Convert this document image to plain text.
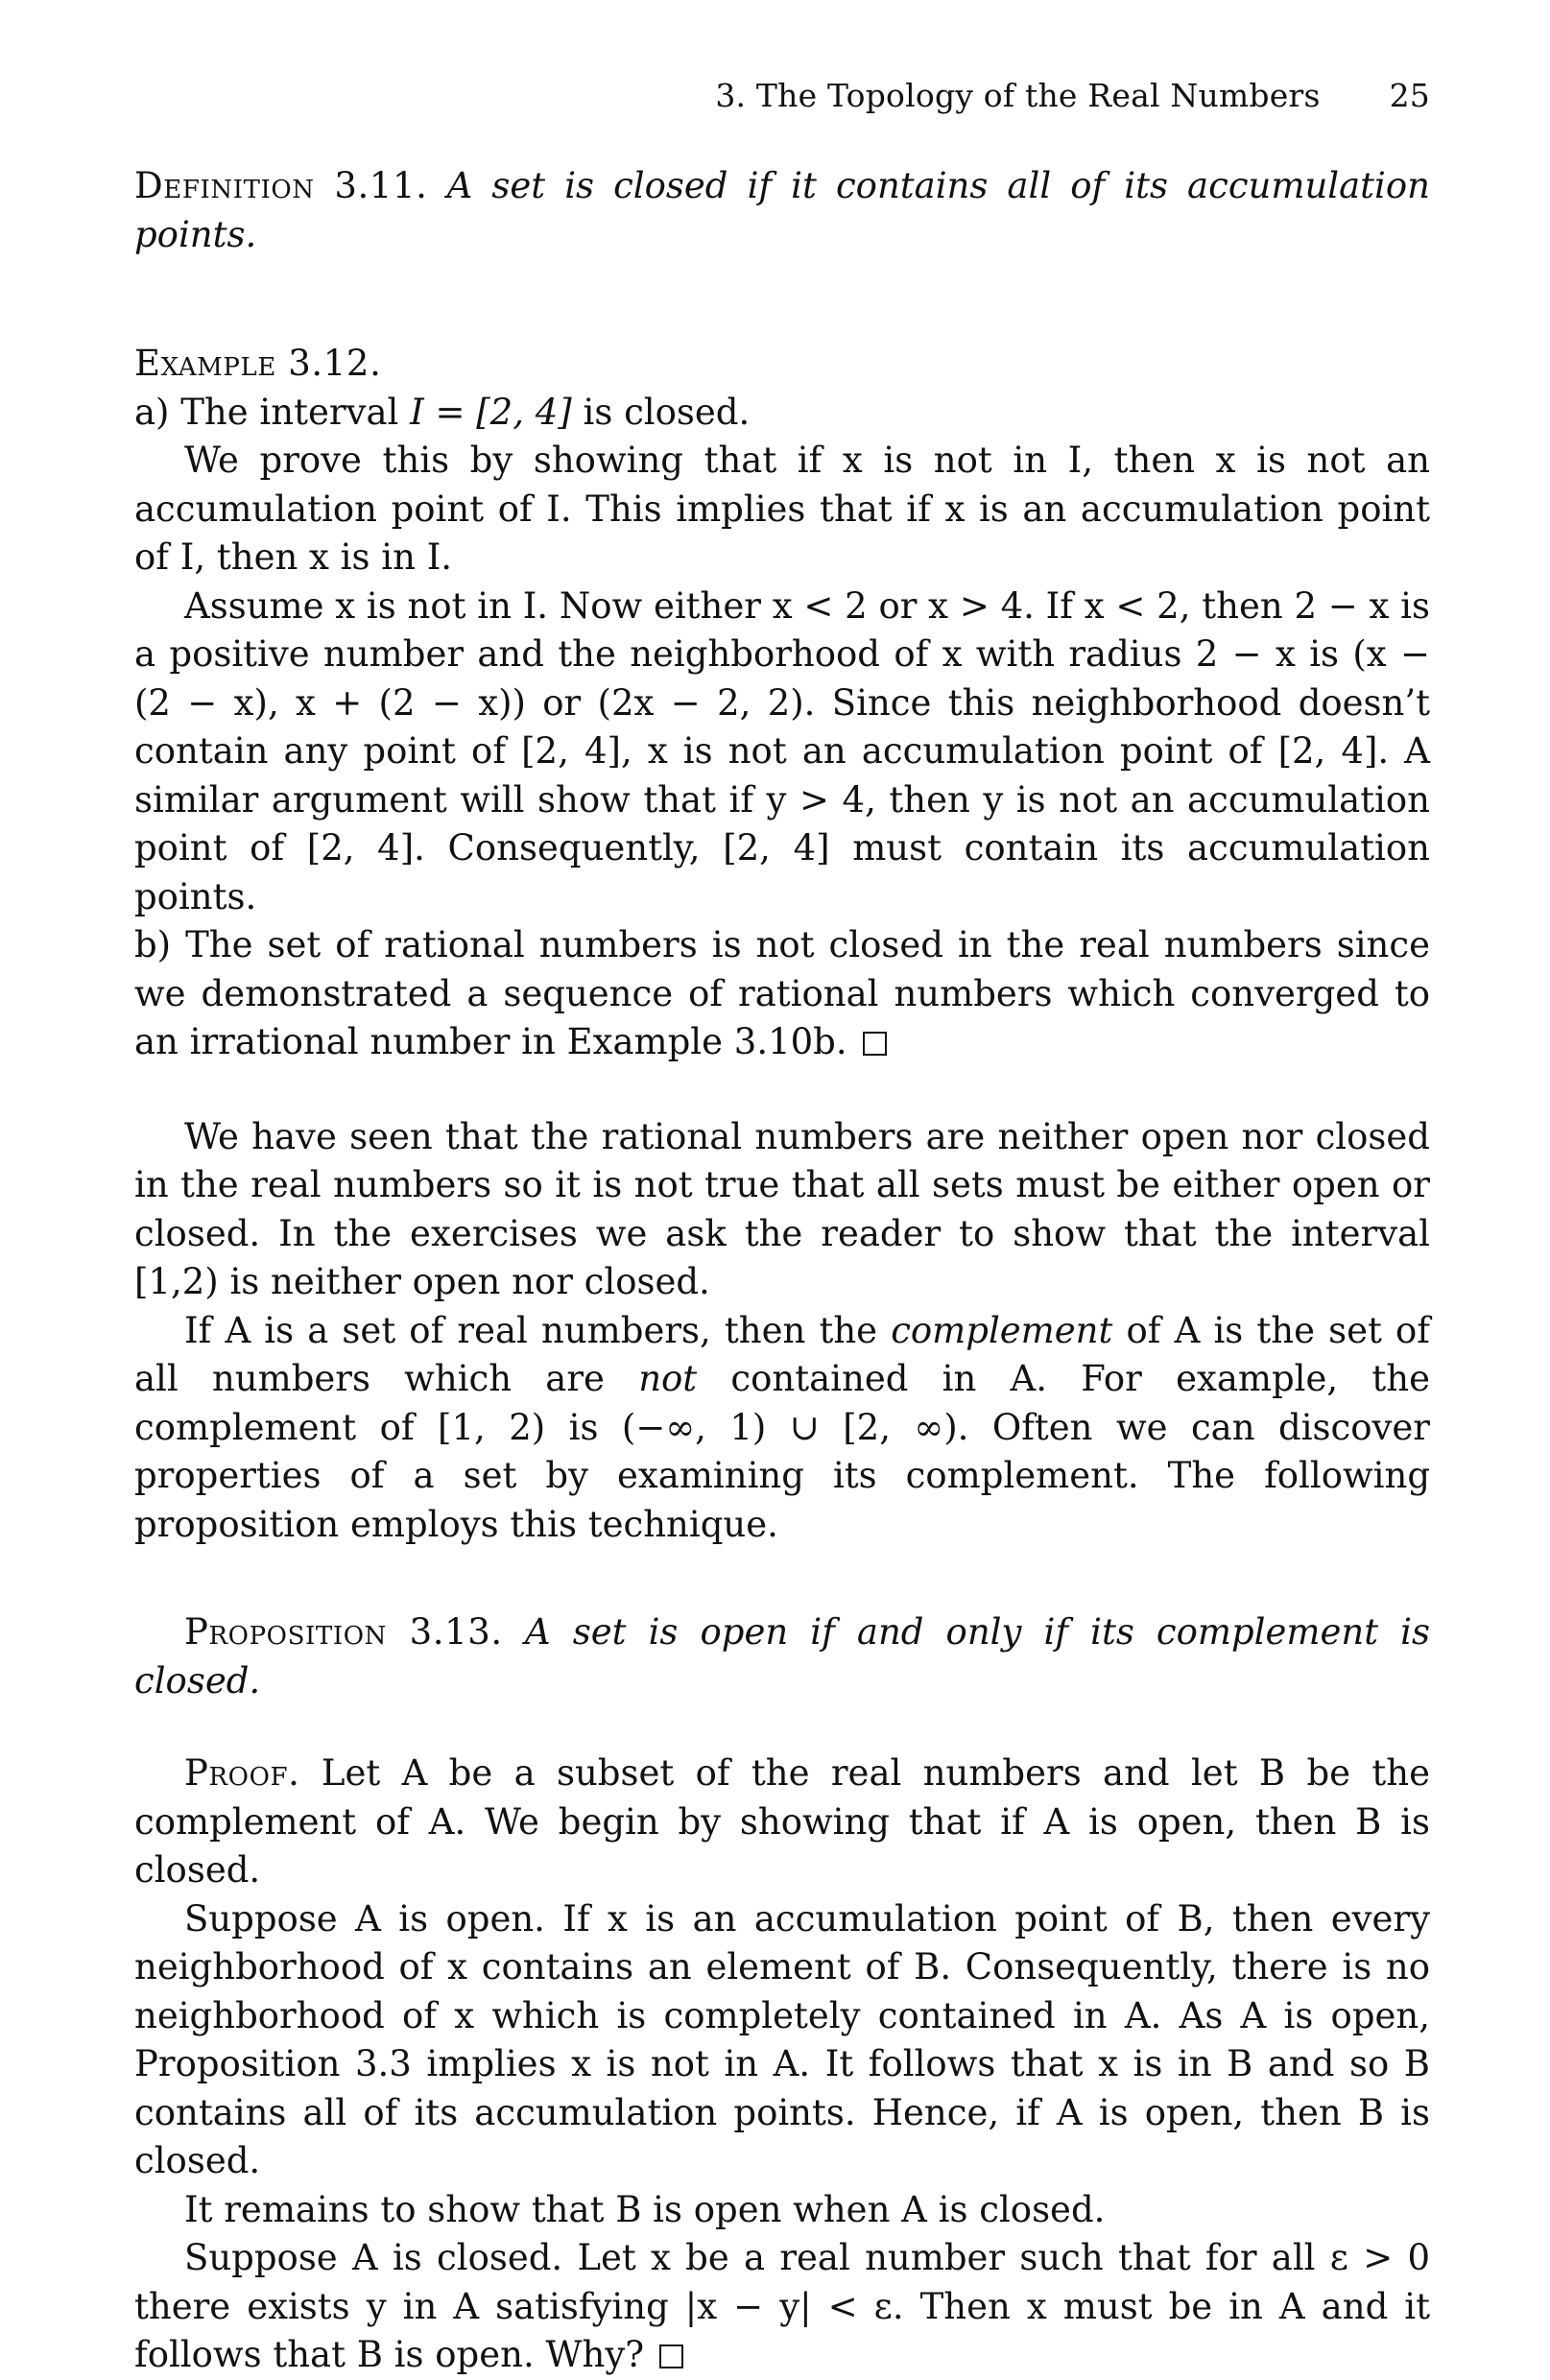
3. The Topology of the Real Numbers 25

Definition 3.11. A set is closed if it contains all of its accumulation points.

Example 3.12.

a) The interval I = [2, 4] is closed.

We prove this by showing that if x is not in I, then x is not an accumulation point of I. This implies that if x is an accumulation point of I, then x is in I.

Assume x is not in I. Now either x < 2 or x > 4. If x < 2, then 2 − x is a positive number and the neighborhood of x with radius 2 − x is (x − (2 − x), x + (2 − x)) or (2x − 2, 2). Since this neighborhood doesn’t contain any point of [2, 4], x is not an accumulation point of [2, 4]. A similar argument will show that if y > 4, then y is not an accumulation point of [2, 4]. Consequently, [2, 4] must contain its accumulation points.

b) The set of rational numbers is not closed in the real numbers since we demonstrated a sequence of rational numbers which converged to an irrational number in Example 3.10b.

We have seen that the rational numbers are neither open nor closed in the real numbers so it is not true that all sets must be either open or closed. In the exercises we ask the reader to show that the interval [1,2) is neither open nor closed.

If A is a set of real numbers, then the complement of A is the set of all numbers which are not contained in A. For example, the complement of [1, 2) is (−∞, 1) ∪ [2, ∞). Often we can discover properties of a set by examining its complement. The following proposition employs this technique.

Proposition 3.13. A set is open if and only if its complement is closed.

Proof. Let A be a subset of the real numbers and let B be the complement of A. We begin by showing that if A is open, then B is closed.

Suppose A is open. If x is an accumulation point of B, then every neighborhood of x contains an element of B. Consequently, there is no neighborhood of x which is completely contained in A. As A is open, Proposition 3.3 implies x is not in A. It follows that x is in B and so B contains all of its accumulation points. Hence, if A is open, then B is closed.

It remains to show that B is open when A is closed.

Suppose A is closed. Let x be a real number such that for all ε > 0 there exists y in A satisfying |x − y| < ε. Then x must be in A and it follows that B is open. Why?
